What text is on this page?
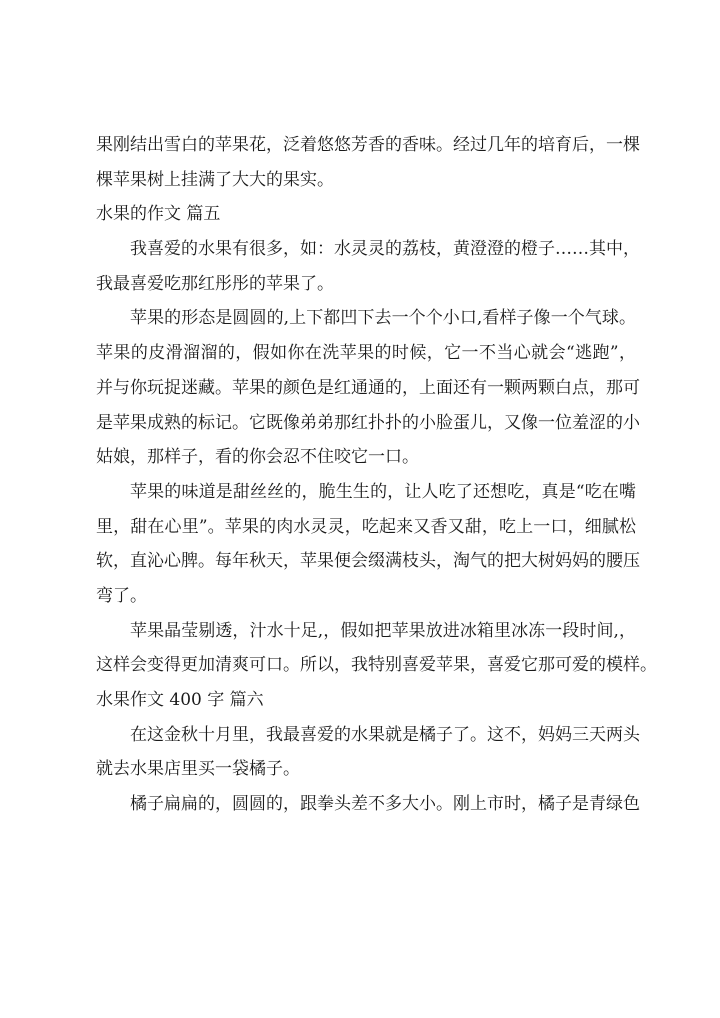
果刚结出雪白的苹果花，泛着悠悠芳香的香味。经过几年的培育后，一棵
棵苹果树上挂满了大大的果实。
水果的作文 篇五
我喜爱的水果有很多，如：水灵灵的荔枝，黄澄澄的橙子……其中，
我最喜爱吃那红彤彤的苹果了。
苹果的形态是圆圆的,上下都凹下去一个个小口,看样子像一个气球。
苹果的皮滑溜溜的，假如你在洗苹果的时候，它一不当心就会“逃跑”，
并与你玩捉迷藏。苹果的颜色是红通通的，上面还有一颗两颗白点，那可
是苹果成熟的标记。它既像弟弟那红扑扑的小脸蛋儿，又像一位羞涩的小
姑娘，那样子，看的你会忍不住咬它一口。
苹果的味道是甜丝丝的，脆生生的，让人吃了还想吃，真是“吃在嘴
里，甜在心里”。苹果的肉水灵灵，吃起来又香又甜，吃上一口，细腻松
软，直沁心脾。每年秋天，苹果便会缀满枝头，淘气的把大树妈妈的腰压
弯了。
苹果晶莹剔透，汁水十足,，假如把苹果放进冰箱里冰冻一段时间,，
这样会变得更加清爽可口。所以，我特别喜爱苹果，喜爱它那可爱的模样。
水果作文 400 字 篇六
在这金秋十月里，我最喜爱的水果就是橘子了。这不，妈妈三天两头
就去水果店里买一袋橘子。
橘子扁扁的，圆圆的，跟拳头差不多大小。刚上市时，橘子是青绿色
